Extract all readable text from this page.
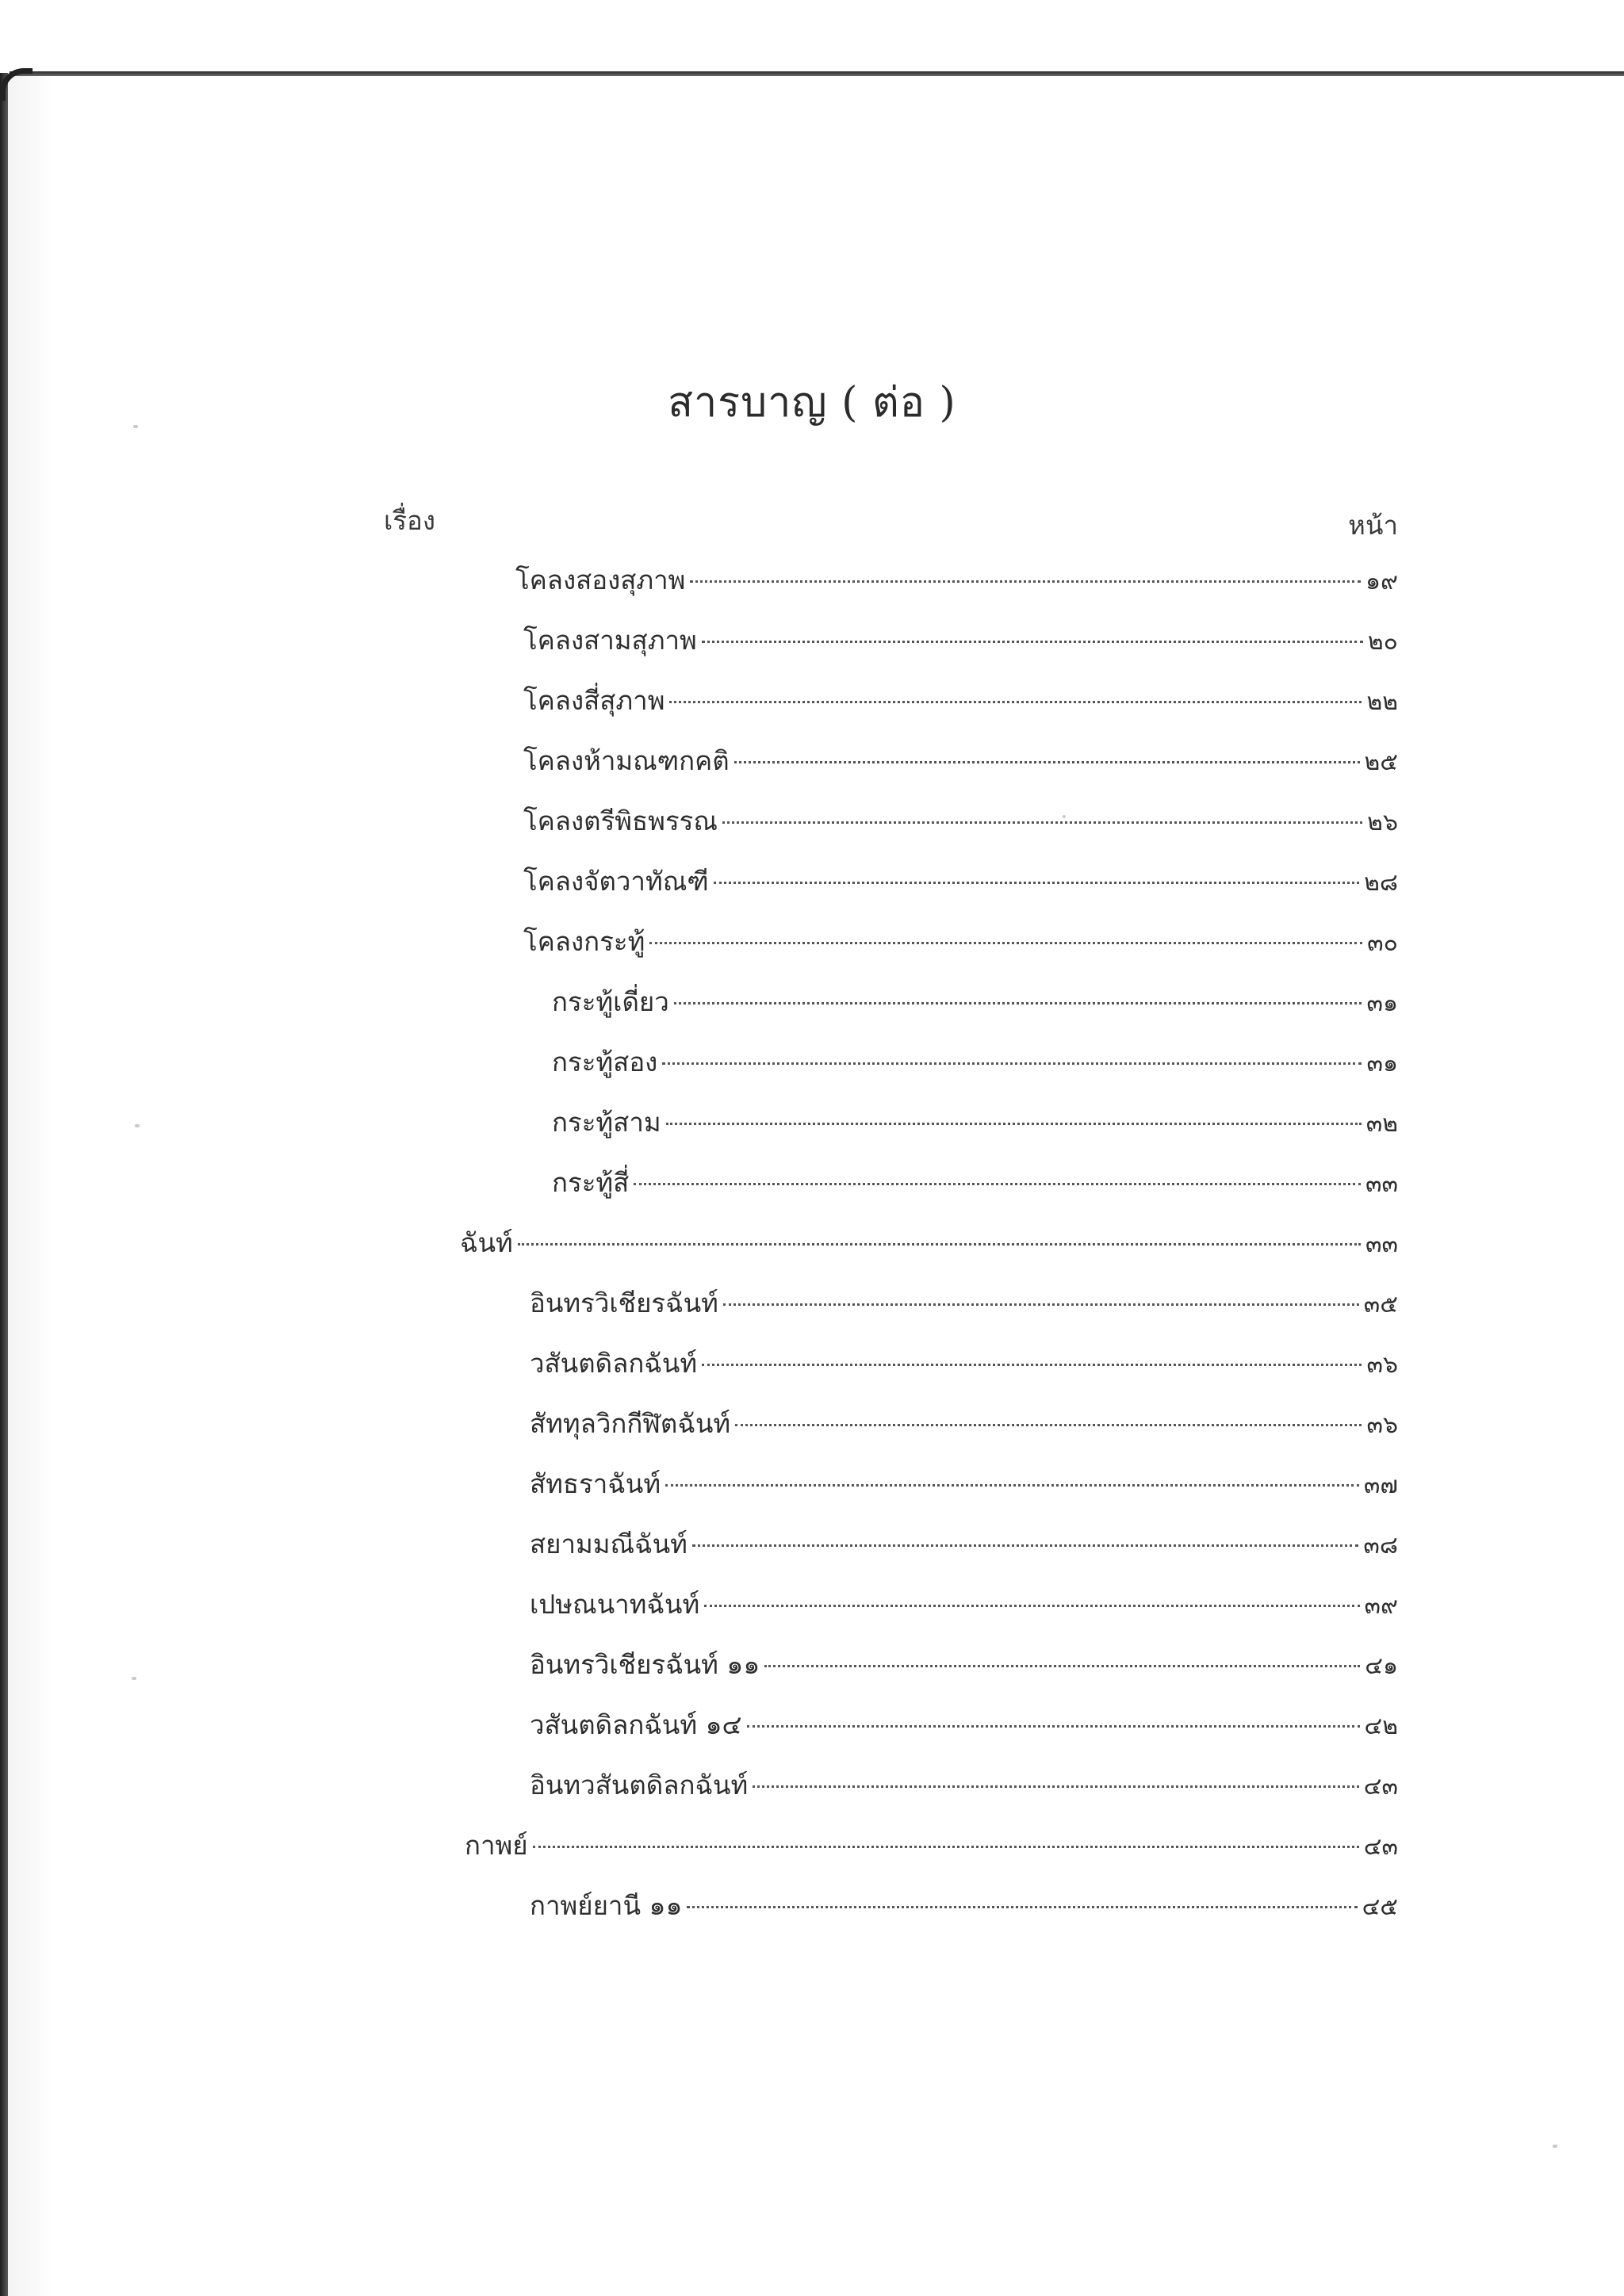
สารบาญ ( ต่อ )
เรื่อง	หน้า
โคลงสองสุภาพ	๑๙
โคลงสามสุภาพ	๒๐
โคลงสี่สุภาพ	๒๒
โคลงห้ามณฑกคติ	๒๕
โคลงตรีพิธพรรณ	๒๖
โคลงจัตวาทัณฑี	๒๘
โคลงกระทู้	๓๐
กระทู้เดี่ยว	๓๑
กระทู้สอง	๓๑
กระทู้สาม	๓๒
กระทู้สี่	๓๓
ฉันท์	๓๓
อินทรวิเชียรฉันท์	๓๕
วสันตดิลกฉันท์	๓๖
สัททุลวิกกีฬิตฉันท์	๓๖
สัทธราฉันท์	๓๗
สยามมณีฉันท์	๓๘
เปษณนาทฉันท์	๓๙
อินทรวิเชียรฉันท์ ๑๑	๔๑
วสันตดิลกฉันท์ ๑๔	๔๒
อินทวสันตดิลกฉันท์	๔๓
กาพย์	๔๓
กาพย์ยานี ๑๑	๔๕
